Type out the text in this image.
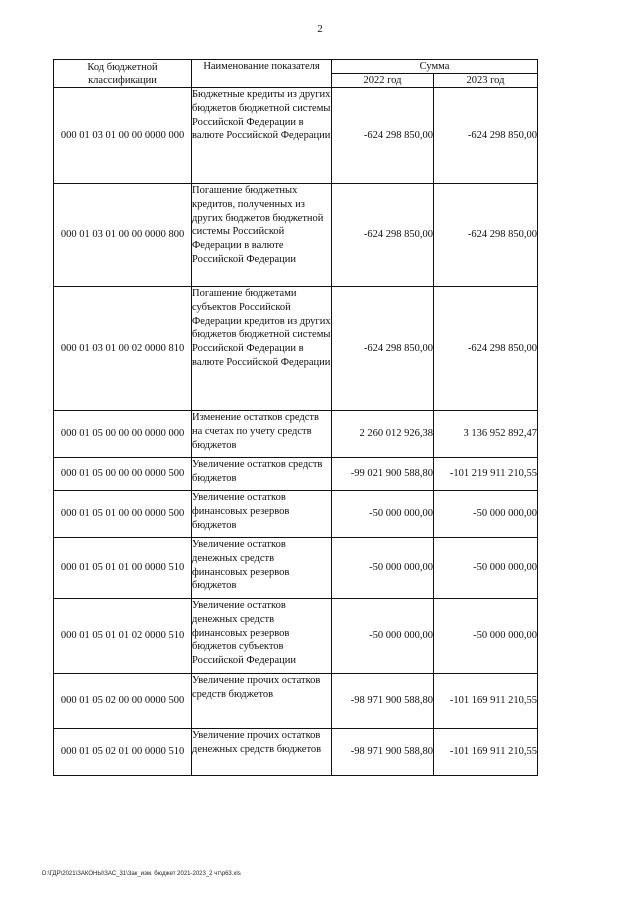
2
Код бюджетной классификации	Наименование показателя	Сумма	
		2022 год	2023 год
000 01 03 01 00 00 0000 000	Бюджетные кредиты из других бюджетов бюджетной системы Российской Федерации в валюте Российской Федерации	-624 298 850,00	-624 298 850,00
000 01 03 01 00 00 0000 800	Погашение бюджетных кредитов, полученных из других бюджетов бюджетной системы Российской Федерации в валюте Российской Федерации	-624 298 850,00	-624 298 850,00
000 01 03 01 00 02 0000 810	Погашение бюджетами субъектов Российской Федерации кредитов из других бюджетов бюджетной системы Российской Федерации в валюте Российской Федерации	-624 298 850,00	-624 298 850,00
000 01 05 00 00 00 0000 000	Изменение остатков средств на счетах по учету средств бюджетов	2 260 012 926,38	3 136 952 892,47
000 01 05 00 00 00 0000 500	Увеличение остатков средств бюджетов	-99 021 900 588,80	-101 219 911 210,55
000 01 05 01 00 00 0000 500	Увеличение остатков финансовых резервов бюджетов	-50 000 000,00	-50 000 000,00
000 01 05 01 01 00 0000 510	Увеличение остатков денежных средств финансовых резервов бюджетов	-50 000 000,00	-50 000 000,00
000 01 05 01 01 02 0000 510	Увеличение остатков денежных средств финансовых резервов бюджетов субъектов Российской Федерации	-50 000 000,00	-50 000 000,00
000 01 05 02 00 00 0000 500	Увеличение прочих остатков средств бюджетов	-98 971 900 588,80	-101 169 911 210,55
000 01 05 02 01 00 0000 510	Увеличение прочих остатков денежных средств бюджетов	-98 971 900 588,80	-101 169 911 210,55
D:\ГДР\2021\ЗАКОНЫ\ЗАС_31\Зак_изм. бюджет 2021-2023_2 чт\р63.xls
